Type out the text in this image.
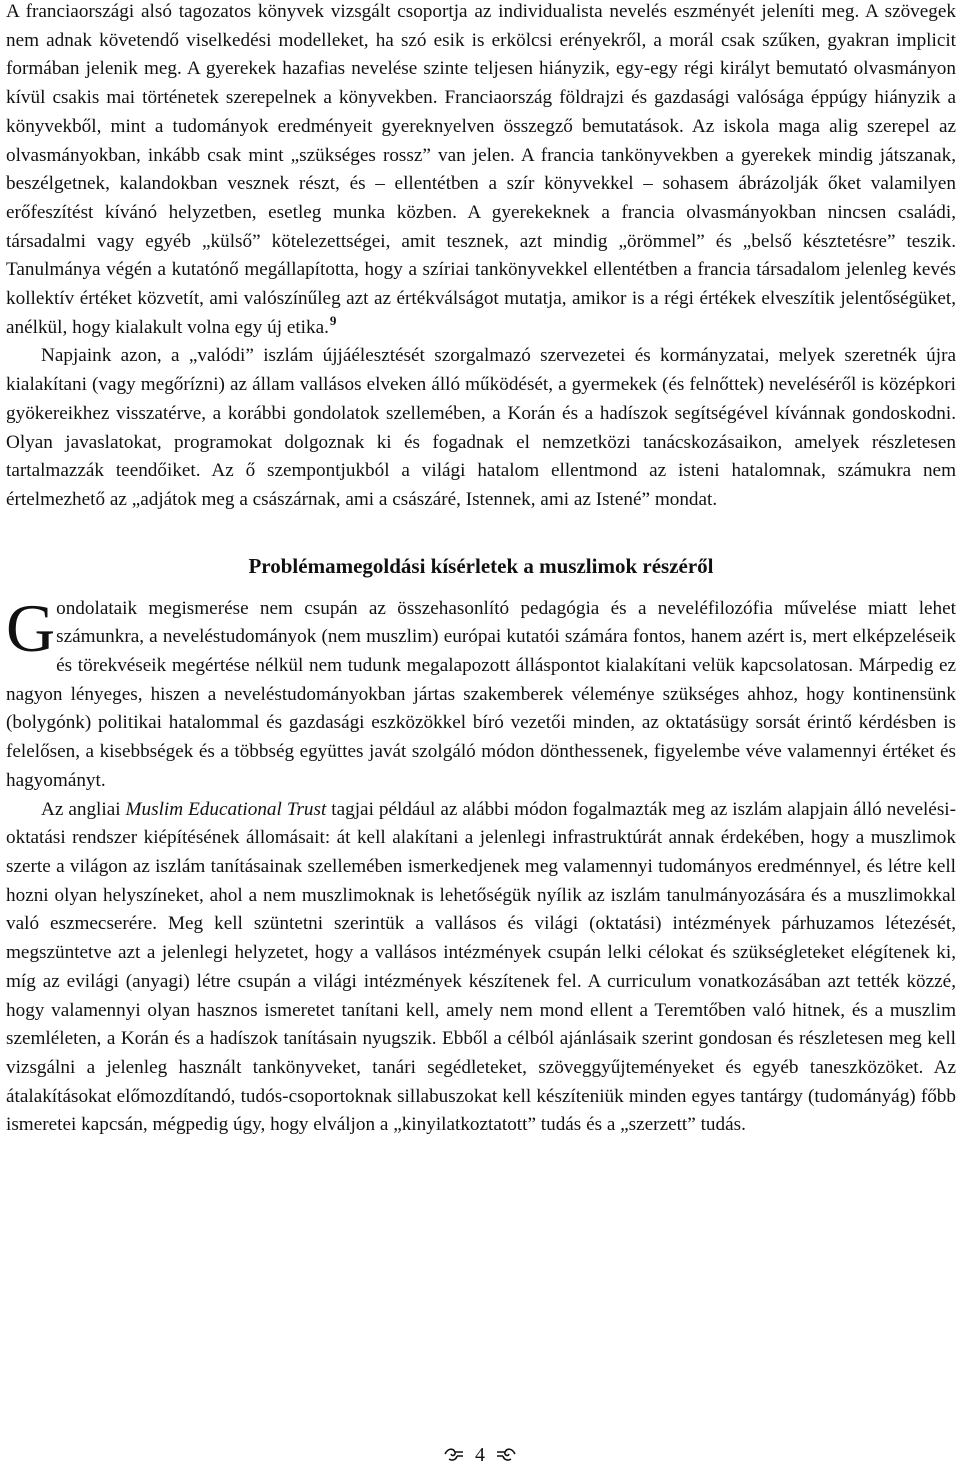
A franciaországi alsó tagozatos könyvek vizsgált csoportja az individualista nevelés eszményét jeleníti meg. A szövegek nem adnak követendő viselkedési modelleket, ha szó esik is erkölcsi erényekről, a morál csak szűken, gyakran implicit formában jelenik meg. A gyerekek hazafias nevelése szinte teljesen hiányzik, egy-egy régi királyt bemutató olvasmányon kívül csakis mai történetek szerepelnek a könyvekben. Franciaország földrajzi és gazdasági valósága éppúgy hiányzik a könyvekből, mint a tudományok eredményeit gyereknyelven összegző bemutatások. Az iskola maga alig szerepel az olvasmányokban, inkább csak mint „szükséges rossz” van jelen. A francia tankönyvekben a gyerekek mindig játszanak, beszélgetnek, kalandokban vesznek részt, és – ellentétben a szír könyvekkel – sohasem ábrázolják őket valamilyen erőfeszítést kívánó helyzetben, esetleg munka közben. A gyerekeknek a francia olvasmányokban nincsen családi, társadalmi vagy egyéb „külső” kötelezettségei, amit tesznek, azt mindig „örömmel” és „belső késztetésre” teszik. Tanulmánya végén a kutatónő megállapította, hogy a szíriai tankönyvekkel ellentétben a francia társadalom jelenleg kevés kollektív értéket közvetít, ami valószínűleg azt az értékválságot mutatja, amikor is a régi értékek elveszítik jelentőségüket, anélkül, hogy kialakult volna egy új etika.$^9$

Napjaink azon, a „valódi” iszlám újjáélesztését szorgalmazó szervezetei és kormányzatai, melyek szeretnék újra kialakítani (vagy megőrízni) az állam vallásos elveken álló működését, a gyermekek (és felnőttek) neveléséről is középkori gyökereikhez visszatérve, a korábbi gondolatok szellemében, a Korán és a hadíszok segítségével kívánnak gondoskodni. Olyan javaslatokat, programokat dolgoznak ki és fogadnak el nemzetközi tanácskozásaikon, amelyek részletesen tartalmazzák teendőiket. Az ő szempontjukból a világi hatalom ellentmond az isteni hatalomnak, számukra nem értelmezhető az „adjátok meg a császárnak, ami a császáré, Istennek, ami az Istené” mondat.

Problémamegoldási kísérletek a muszlimok részéről

Gondolataik megismerése nem csupán az összehasonlító pedagógia és a neveléfilozófia művelése miatt lehet számunkra, a neveléstudományok (nem muszlim) európai kutatói számára fontos, hanem azért is, mert elképzeléseik és törekvéseik megértése nélkül nem tudunk megalapozott álláspontot kialakítani velük kapcsolatosan. Márpedig ez nagyon lényeges, hiszen a neveléstudományokban jártas szakemberek véleménye szükséges ahhoz, hogy kontinensünk (bolygónk) politikai hatalommal és gazdasági eszközökkel bíró vezetői minden, az oktatásügy sorsát érintő kérdésben is felelősen, a kisebbségek és a többség együttes javát szolgáló módon dönthessenek, figyelembe véve valamennyi értéket és hagyományt.

Az angliai Muslim Educational Trust tagjai például az alábbi módon fogalmazták meg az iszlám alapjain álló nevelési-oktatási rendszer kiépítésének állomásait: át kell alakítani a jelenlegi infrastruktúrát annak érdekében, hogy a muszlimok szerte a világon az iszlám tanításainak szellemében ismerkedjenek meg valamennyi tudományos eredménnyel, és létre kell hozni olyan helyszíneket, ahol a nem muszlimoknak is lehetőségük nyílik az iszlám tanulmányozására és a muszlimokkal való eszmecserére. Meg kell szüntetni szerintük a vallásos és világi (oktatási) intézmények párhuzamos létezését, megszüntetve azt a jelenlegi helyzetet, hogy a vallásos intézmények csupán lelki célokat és szükségleteket elégítenek ki, míg az evilági (anyagi) létre csupán a világi intézmények készítenek fel. A curriculum vonatkozásában azt tették közzé, hogy valamennyi olyan hasznos ismeretet tanítani kell, amely nem mond ellent a Teremtőben való hitnek, és a muszlim szemléleten, a Korán és a hadíszok tanításain nyugszik. Ebből a célból ajánlásaik szerint gondosan és részletesen meg kell vizsgálni a jelenleg használt tankönyveket, tanári segédleteket, szöveggyűjteményeket és egyéb taneszközöket. Az átalakításokat előmozdítandó, tudós-csoportoknak sillabuszokat kell készíteniük minden egyes tantárgy (tudományág) főbb ismeretei kapcsán, mégpedig úgy, hogy elváljon a „kinyilatkoztatott” tudás és a „szerzett” tudás.

4
